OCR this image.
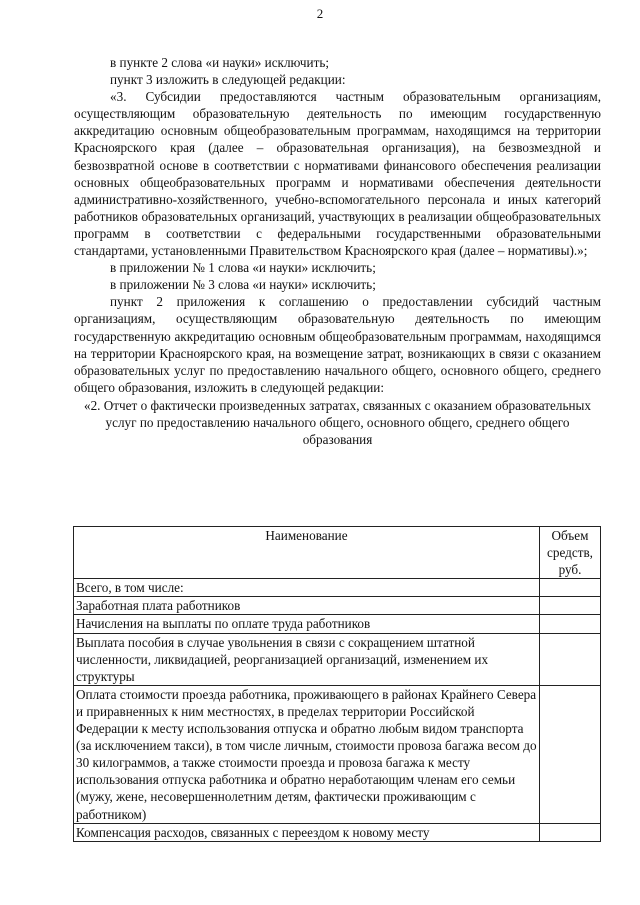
2

в пункте 2 слова «и науки» исключить;

пункт 3 изложить в следующей редакции:

«3. Субсидии предоставляются частным образовательным организациям, осуществляющим образовательную деятельность по имеющим государственную аккредитацию основным общеобразовательным программам, находящимся на территории Красноярского края (далее – образовательная организация), на безвозмездной и безвозвратной основе в соответствии с нормативами финансового обеспечения реализации основных общеобразовательных программ и нормативами обеспечения деятельности административно-хозяйственного, учебно-вспомогательного персонала и иных категорий работников образовательных организаций, участвующих в реализации общеобразовательных программ в соответствии с федеральными государственными образовательными стандартами, установленными Правительством Красноярского края (далее – нормативы).»;

в приложении № 1 слова «и науки» исключить;

в приложении № 3 слова «и науки» исключить;

пункт 2 приложения к соглашению о предоставлении субсидий частным организациям, осуществляющим образовательную деятельность по имеющим государственную аккредитацию основным общеобразовательным программам, находящимся на территории Красноярского края, на возмещение затрат, возникающих в связи с оказанием образовательных услуг по предоставлению начального общего, основного общего, среднего общего образования, изложить в следующей редакции:

«2. Отчет о фактически произведенных затратах, связанных с оказанием образовательных услуг по предоставлению начального общего, основного общего, среднего общего образования

Наименование	Объем средств, руб.
Всего, в том числе:	
Заработная плата работников	
Начисления на выплаты по оплате труда работников	
Выплата пособия в случае увольнения в связи с сокращением штатной численности, ликвидацией, реорганизацией организаций, изменением их структуры	
Оплата стоимости проезда работника, проживающего в районах Крайнего Севера и приравненных к ним местностях, в пределах территории Российской Федерации к месту использования отпуска и обратно любым видом транспорта (за исключением такси), в том числе личным, стоимости провоза багажа весом до 30 килограммов, а также стоимости проезда и провоза багажа к месту использования отпуска работника и обратно неработающим членам его семьи (мужу, жене, несовершеннолетним детям, фактически проживающим с работником)	
Компенсация расходов, связанных с переездом к новому месту	
